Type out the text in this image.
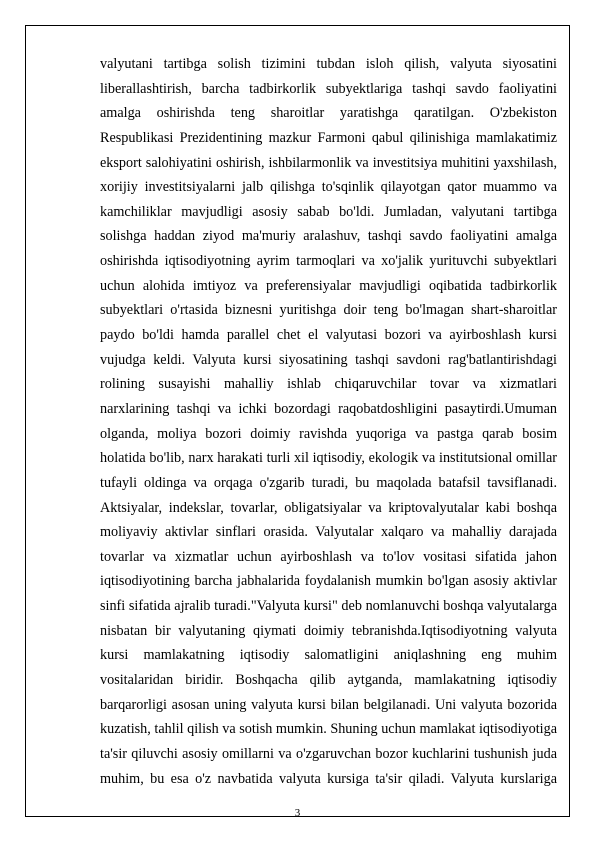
valyutani tartibga solish tizimini tubdan isloh qilish, valyuta siyosatini
liberallashtirish, barcha tadbirkorlik subyektlariga tashqi savdo faoliyatini
amalga oshirishda teng sharoitlar yaratishga qaratilgan. O'zbekiston
Respublikasi Prezidentining mazkur Farmoni qabul qilinishiga mamlakatimiz
eksport salohiyatini oshirish, ishbilarmonlik va investitsiya muhitini yaxshilash,
xorijiy investitsiyalarni jalb qilishga to'sqinlik qilayotgan qator muammo va
kamchiliklar mavjudligi asosiy sabab bo'ldi. Jumladan, valyutani tartibga
solishga haddan ziyod ma'muriy aralashuv, tashqi savdo faoliyatini amalga
oshirishda iqtisodiyotning ayrim tarmoqlari va xo'jalik yurituvchi subyektlari
uchun alohida imtiyoz va preferensiyalar mavjudligi oqibatida tadbirkorlik
subyektlari o'rtasida biznesni yuritishga doir teng bo'lmagan shart-sharoitlar
paydo bo'ldi hamda parallel chet el valyutasi bozori va ayirboshlash kursi
vujudga keldi. Valyuta kursi siyosatining tashqi savdoni rag'batlantirishdagi
rolining susayishi mahalliy ishlab chiqaruvchilar tovar va xizmatlari
narxlarining tashqi va ichki bozordagi raqobatdoshligini pasaytirdi.Umuman
olganda, moliya bozori doimiy ravishda yuqoriga va pastga qarab bosim
holatida bo'lib, narx harakati turli xil iqtisodiy, ekologik va institutsional omillar
tufayli oldinga va orqaga o'zgarib turadi, bu maqolada batafsil tavsiflanadi.
Aktsiyalar, indekslar, tovarlar, obligatsiyalar va kriptovalyutalar kabi boshqa
moliyaviy aktivlar sinflari orasida. Valyutalar xalqaro va mahalliy darajada
tovarlar va xizmatlar uchun ayirboshlash va to'lov vositasi sifatida jahon
iqtisodiyotining barcha jabhalarida foydalanish mumkin bo'lgan asosiy aktivlar
sinfi sifatida ajralib turadi."Valyuta kursi" deb nomlanuvchi boshqa valyutalarga
nisbatan bir valyutaning qiymati doimiy tebranishda.Iqtisodiyotning valyuta
kursi mamlakatning iqtisodiy salomatligini aniqlashning eng muhim
vositalaridan biridir. Boshqacha qilib aytganda, mamlakatning iqtisodiy
barqarorligi asosan uning valyuta kursi bilan belgilanadi. Uni valyuta bozorida
kuzatish, tahlil qilish va sotish mumkin. Shuning uchun mamlakat iqtisodiyotiga
ta'sir qiluvchi asosiy omillarni va o'zgaruvchan bozor kuchlarini tushunish juda
muhim, bu esa o'z navbatida valyuta kursiga ta'sir qiladi. Valyuta kurslariga
3
